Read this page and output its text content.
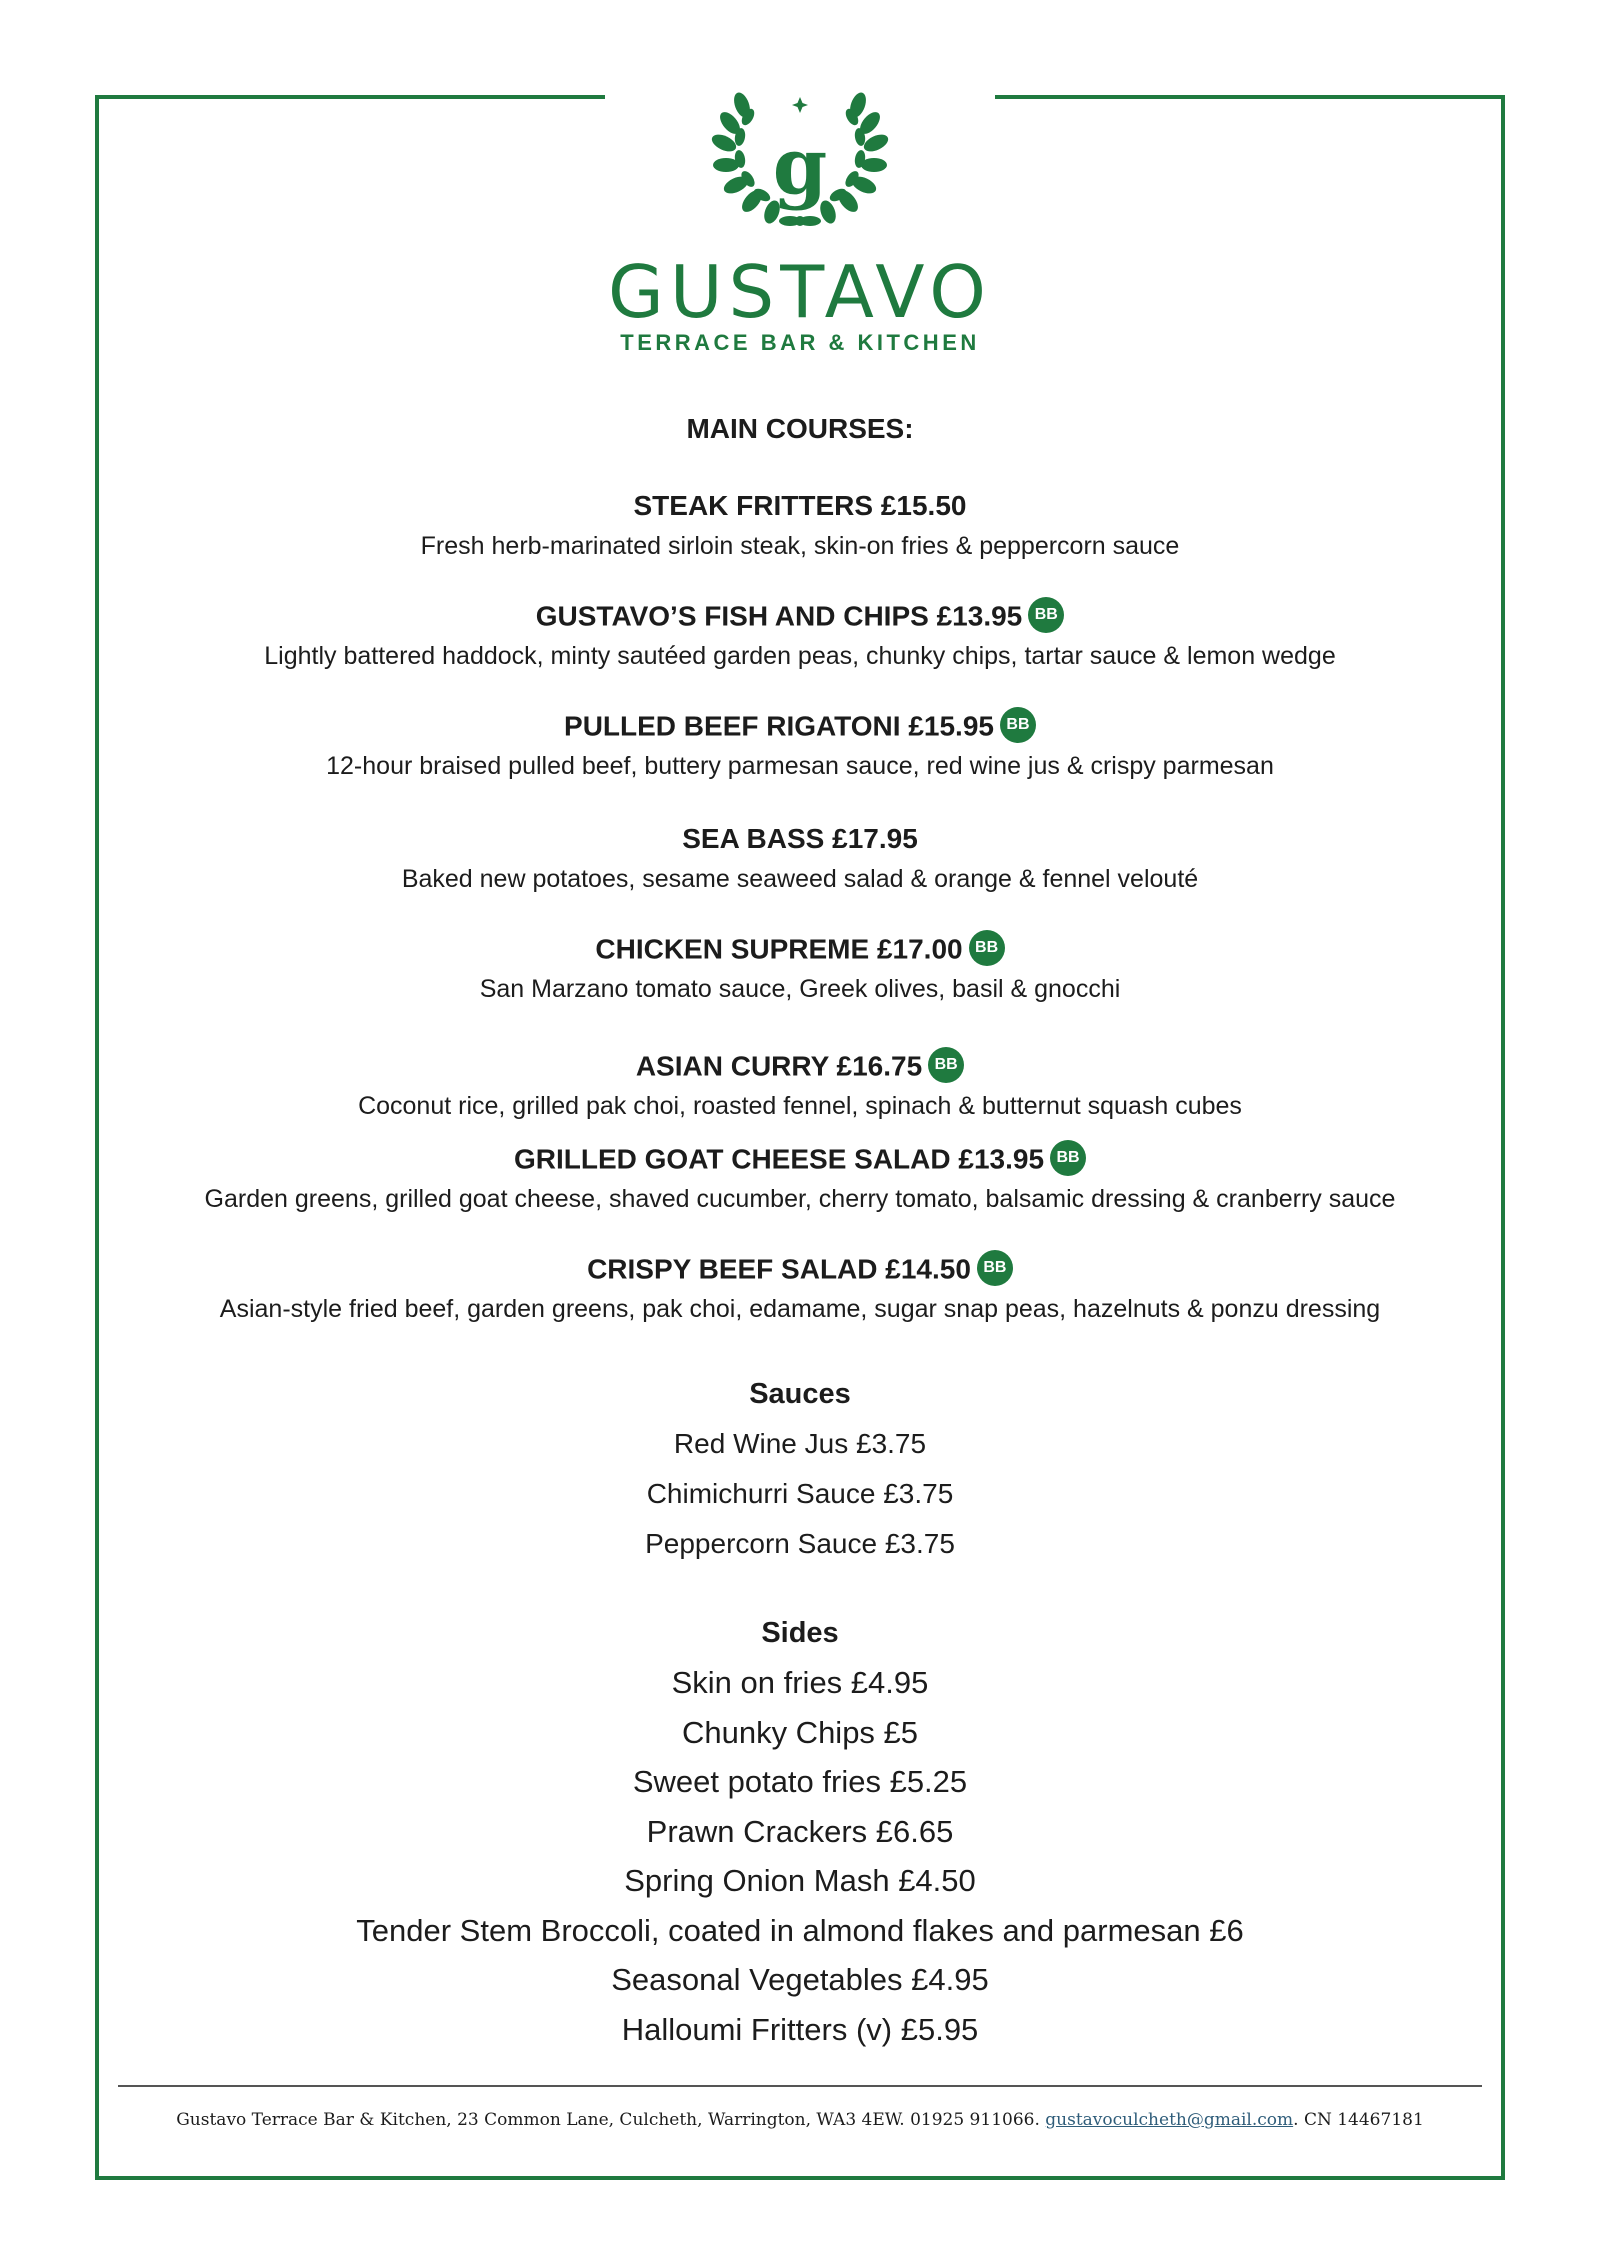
g
GUSTAVO
TERRACE BAR & KITCHEN
MAIN COURSES:
STEAK FRITTERS £15.50
Fresh herb-marinated sirloin steak, skin-on fries & peppercorn sauce
GUSTAVO’S FISH AND CHIPS £13.95 BB
Lightly battered haddock, minty sautéed garden peas, chunky chips, tartar sauce & lemon wedge
PULLED BEEF RIGATONI £15.95 BB
12-hour braised pulled beef, buttery parmesan sauce, red wine jus & crispy parmesan
SEA BASS £17.95
Baked new potatoes, sesame seaweed salad & orange & fennel velouté
CHICKEN SUPREME £17.00 BB
San Marzano tomato sauce, Greek olives, basil & gnocchi
ASIAN CURRY £16.75 BB
Coconut rice, grilled pak choi, roasted fennel, spinach & butternut squash cubes
GRILLED GOAT CHEESE SALAD £13.95 BB
Garden greens, grilled goat cheese, shaved cucumber, cherry tomato, balsamic dressing & cranberry sauce
CRISPY BEEF SALAD £14.50 BB
Asian-style fried beef, garden greens, pak choi, edamame, sugar snap peas, hazelnuts & ponzu dressing
Sauces
Red Wine Jus £3.75
Chimichurri Sauce £3.75
Peppercorn Sauce £3.75
Sides
Skin on fries £4.95
Chunky Chips £5
Sweet potato fries £5.25
Prawn Crackers £6.65
Spring Onion Mash £4.50
Tender Stem Broccoli, coated in almond flakes and parmesan £6
Seasonal Vegetables £4.95
Halloumi Fritters (v) £5.95
Gustavo Terrace Bar & Kitchen, 23 Common Lane, Culcheth, Warrington, WA3 4EW. 01925 911066. gustavoculcheth@gmail.com. CN 14467181
